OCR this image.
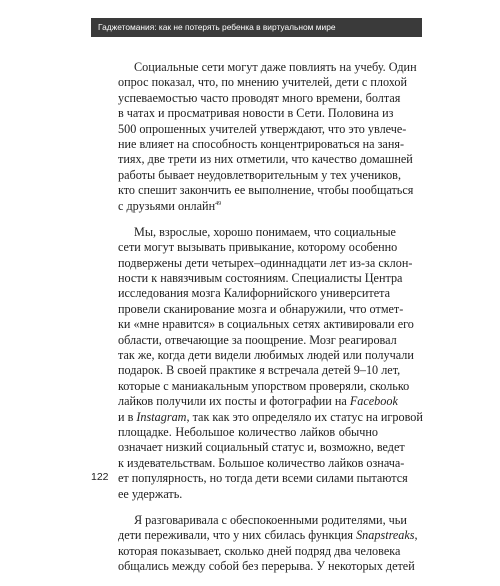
Гаджетомания: как не потерять ребенка в виртуальном мире
Социальные сети могут даже повлиять на учебу. Один
опрос показал, что, по мнению учителей, дети с плохой
успеваемостью часто проводят много времени, болтая
в чатах и просматривая новости в Сети. Половина из
500 опрошенных учителей утверждают, что это увлече-
ние влияет на способность концентрироваться на заня-
тиях, две трети из них отметили, что качество домашней
работы бывает неудовлетворительным у тех учеников,
кто спешит закончить ее выполнение, чтобы пообщаться
с друзьями онлайн$^{49}$
Мы, взрослые, хорошо понимаем, что социальные
сети могут вызывать привыкание, которому особенно
подвержены дети четырех–одиннадцати лет из-за склон-
ности к навязчивым состояниям. Специалисты Центра
исследования мозга Калифорнийского университета
провели сканирование мозга и обнаружили, что отмет-
ки «мне нравится» в социальных сетях активировали его
области, отвечающие за поощрение. Мозг реагировал
так же, когда дети видели любимых людей или получали
подарок. В своей практике я встречала детей 9–10 лет,
которые с маниакальным упорством проверяли, сколько
лайков получили их посты и фотографии на Facebook
и в Instagram, так как это определяло их статус на игровой
площадке. Небольшое количество лайков обычно
означает низкий социальный статус и, возможно, ведет
к издевательствам. Большое количество лайков означа-
ет популярность, но тогда дети всеми силами пытаются
ее удержать.
Я разговаривала с обеспокоенными родителями, чьи
дети переживали, что у них сбилась функция Snapstreaks,
которая показывает, сколько дней подряд два человека
общались между собой без перерыва. У некоторых детей
122
